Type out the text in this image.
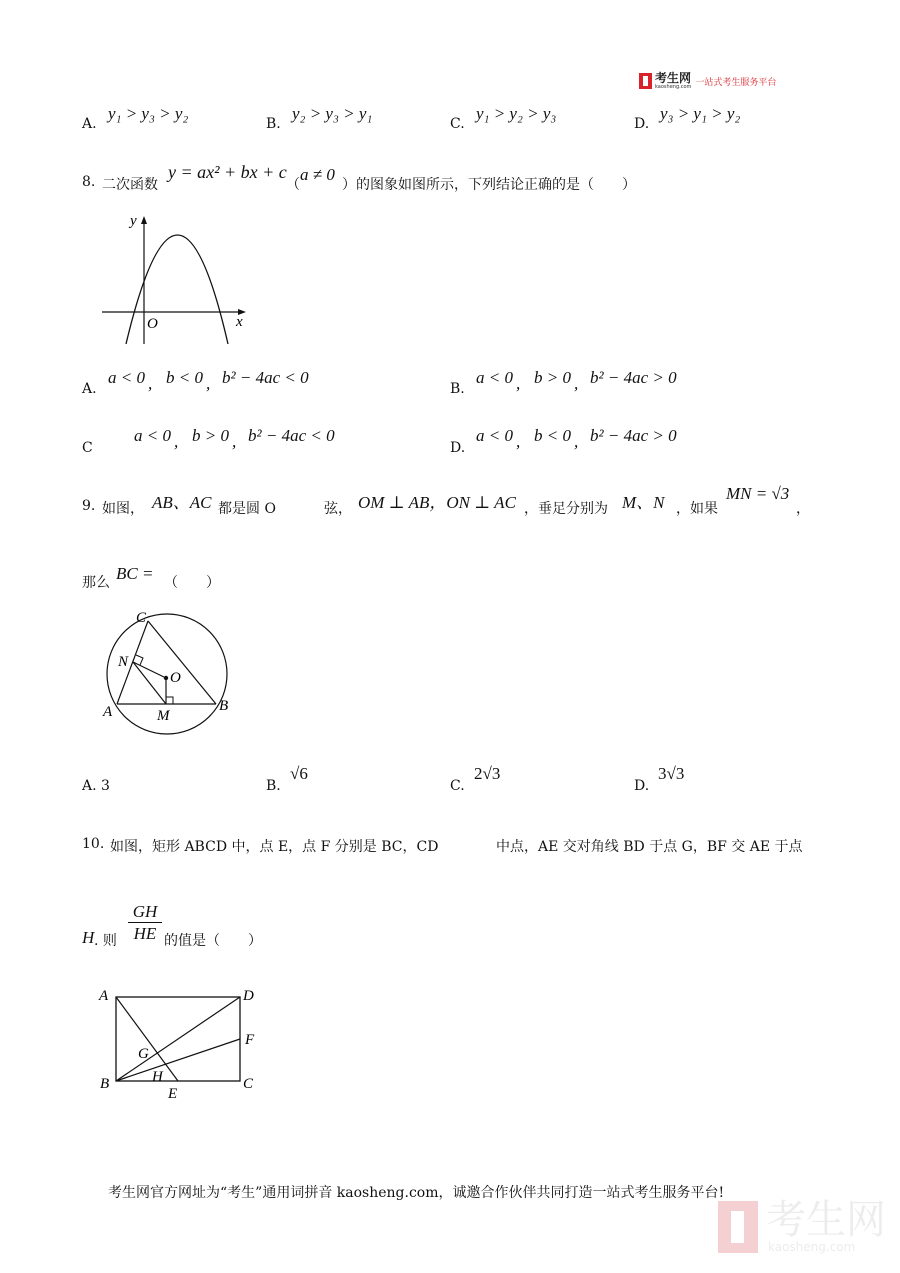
考生网
kaosheng.com 一站式考生服务平台
A.
y₁ > y₃ > y₂
B.
y₂ > y₃ > y₁
C.
y₁ > y₂ > y₃
D.
y₃ > y₁ > y₂
8. 二次函数
y = ax² + bx + c
（
a ≠ 0
）的图象如图所示，下列结论正确的是（　　）
y
x
O
A.
a < 0 , b < 0 , b² − 4ac < 0
B.
a < 0 , b > 0 , b² − 4ac > 0
C
a < 0 , b > 0 , b² − 4ac < 0
D.
a < 0 , b < 0 , b² − 4ac > 0
9. 如图， AB、AC 都是圆 O	弦， OM ⊥ AB，ON ⊥ AC ，垂足分别为 M、N ，如果
MN = √3
，
那么 BC = （　　）
C
N
O
A	M
B
A. 3	B.
√6
C.
2√3
D.
3√3
10. 如图，矩形 ABCD 中，点 E，点 F 分别是 BC，CD	中点，AE 交对角线 BD 于点 G，BF 交 AE 于点
H . 则 $\frac{GH}{HE}$ 的值是（　　）
A	D
F
G
B	H
E
C
考生网官方网址为“考生”通用词拼音 kaosheng.com，诚邀合作伙伴共同打造一站式考生服务平台!
考生网
kaosheng.com
